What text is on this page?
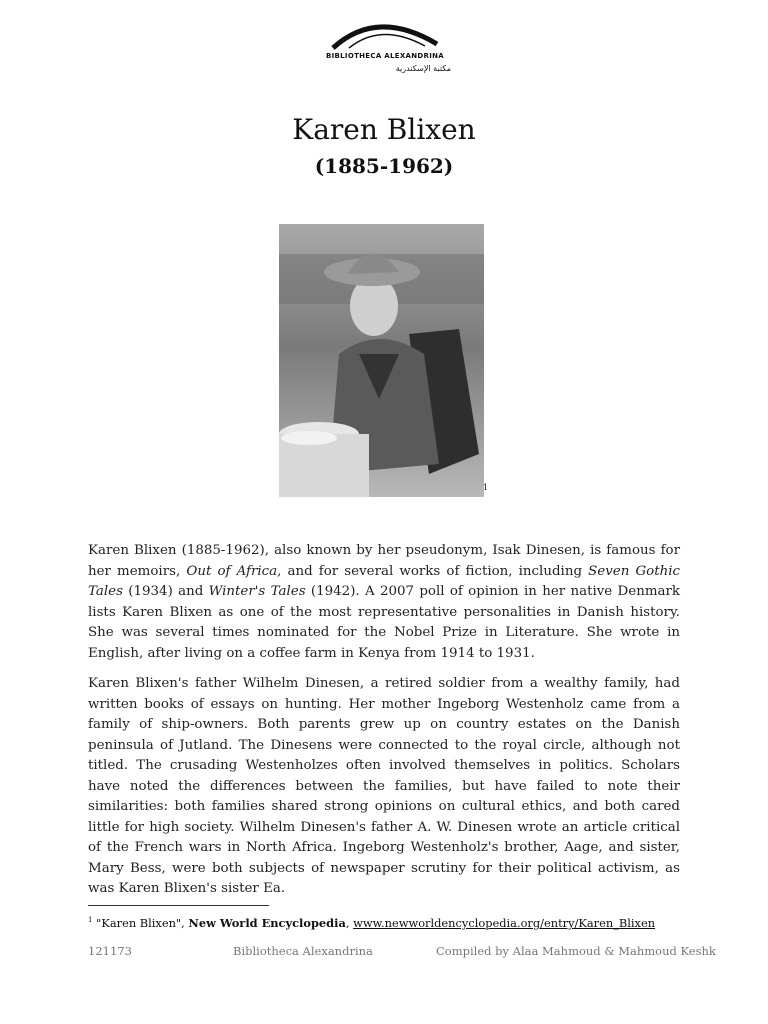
BIBLIOTHECA ALEXANDRINA
مكتبة الإسكندرية
Karen Blixen
(1885-1962)
1
Karen Blixen (1885-1962), also known by her pseudonym, Isak Dinesen, is famous for her memoirs, Out of Africa, and for several works of fiction, including Seven Gothic Tales (1934) and Winter's Tales (1942). A 2007 poll of opinion in her native Denmark lists Karen Blixen as one of the most representative personalities in Danish history. She was several times nominated for the Nobel Prize in Literature. She wrote in English, after living on a coffee farm in Kenya from 1914 to 1931.
Karen Blixen's father Wilhelm Dinesen, a retired soldier from a wealthy family, had written books of essays on hunting. Her mother Ingeborg Westenholz came from a family of ship-owners. Both parents grew up on country estates on the Danish peninsula of Jutland. The Dinesens were connected to the royal circle, although not titled. The crusading Westenholzes often involved themselves in politics. Scholars have noted the differences between the families, but have failed to note their similarities: both families shared strong opinions on cultural ethics, and both cared little for high society. Wilhelm Dinesen's father A. W. Dinesen wrote an article critical of the French wars in North Africa. Ingeborg Westenholz's brother, Aage, and sister, Mary Bess, were both subjects of newspaper scrutiny for their political activism, as was Karen Blixen's sister Ea.
$^1$ "Karen Blixen", New World Encyclopedia, www.newworldencyclopedia.org/entry/Karen_Blixen
121173	Bibliotheca Alexandrina	Compiled by Alaa Mahmoud & Mahmoud Keshk
